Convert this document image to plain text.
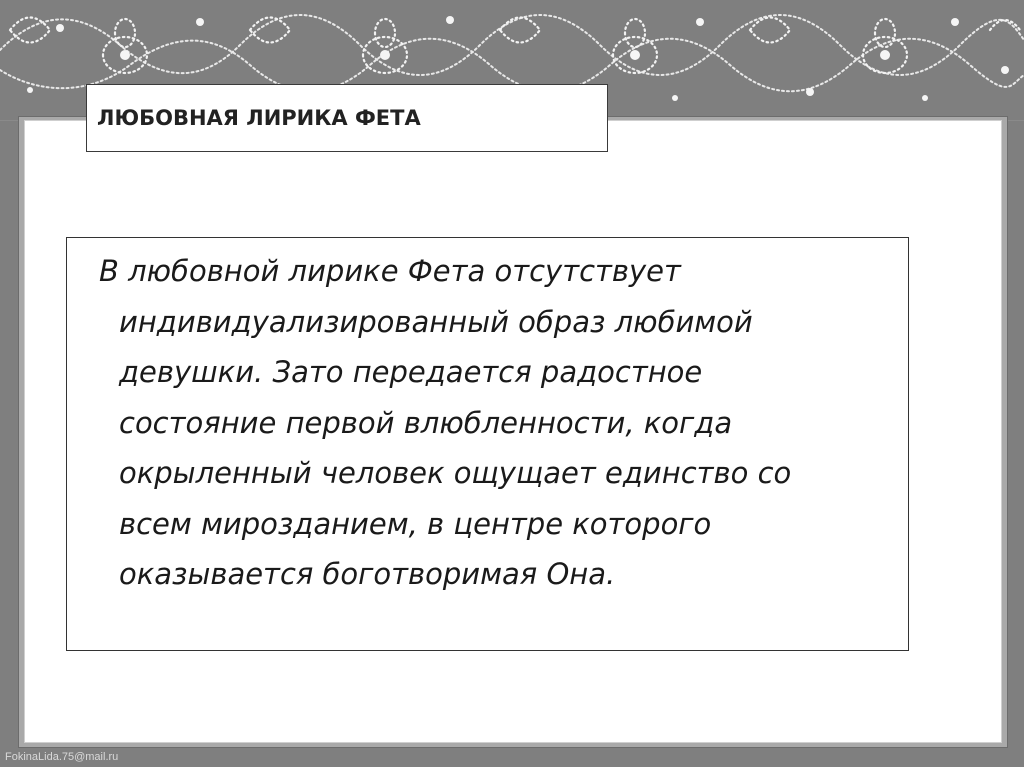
ЛЮБОВНАЯ ЛИРИКА ФЕТА

В любовной лирике Фета отсутствует индивидуализированный образ любимой девушки. Зато передается радостное состояние первой влюбленности, когда окрыленный человек ощущает единство со всем мирозданием, в центре которого оказывается боготворимая Она.

FokinaLida.75@mail.ru
